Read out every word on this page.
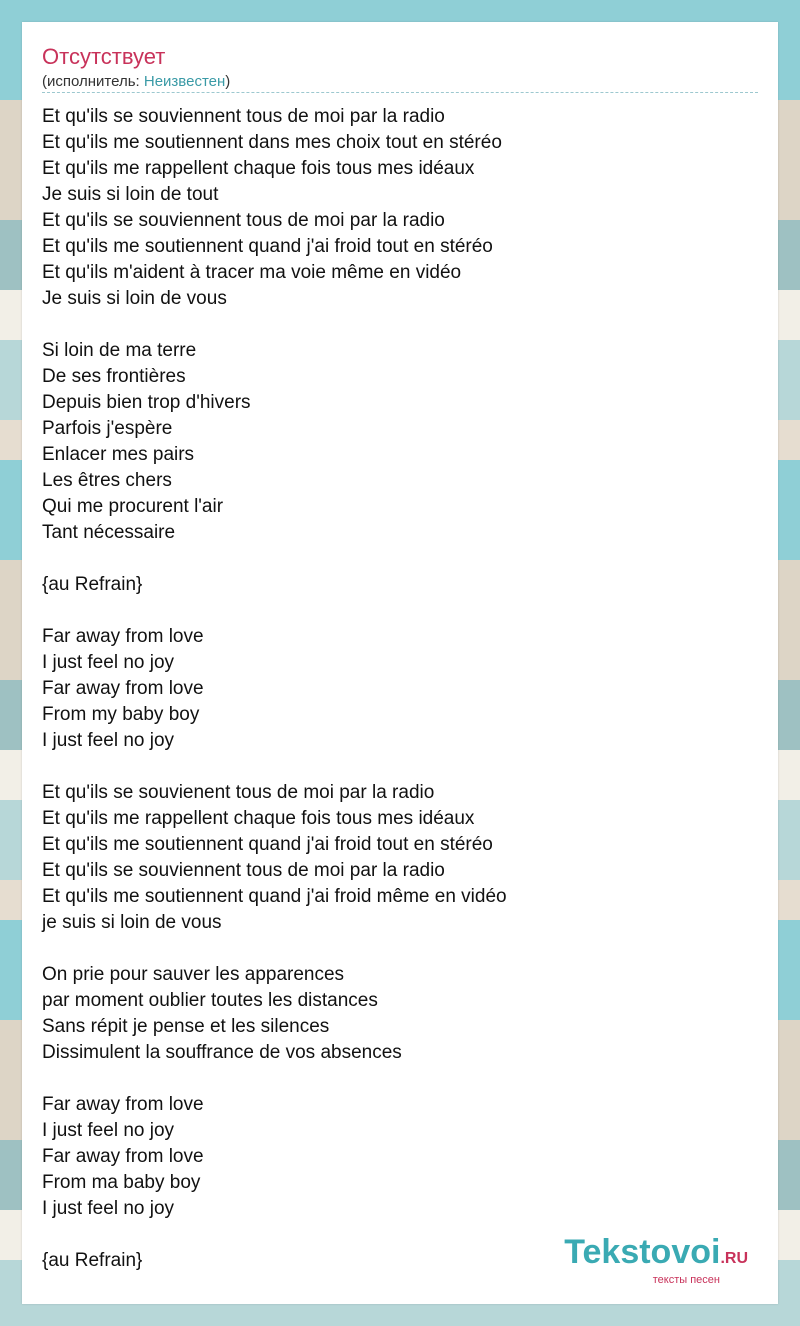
Отсутствует
(исполнитель: Неизвестен)
Et qu'ils se souviennent tous de moi par la radio
Et qu'ils me soutiennent dans mes choix tout en stéréo
Et qu'ils me rappellent chaque fois tous mes idéaux
Je suis si loin de tout
Et qu'ils se souviennent tous de moi par la radio
Et qu'ils me soutiennent quand j'ai froid tout en stéréo
Et qu'ils m'aident à tracer ma voie même en vidéo
Je suis si loin de vous

Si loin de ma terre
De ses frontières
Depuis bien trop d'hivers
Parfois j'espère
Enlacer mes pairs
Les êtres chers
Qui me procurent l'air
Tant nécessaire

{au Refrain}

Far away from love
I just feel no joy
Far away from love
From my baby boy
I just feel no joy

Et qu'ils se souvienent tous de moi par la radio
Et qu'ils me rappellent chaque fois tous mes idéaux
Et qu'ils me soutiennent quand j'ai froid tout en stéréo
Et qu'ils se souviennent tous de moi par la radio
Et qu'ils me soutiennent quand j'ai froid même en vidéo
je suis si loin de vous

On prie pour sauver les apparences
par moment oublier toutes les distances
Sans répit je pense et les silences
Dissimulent la souffrance de vos absences

Far away from love
I just feel no joy
Far away from love
From ma baby boy
I just feel no joy

{au Refrain}	Tekstovoi.RU
тексты песен
